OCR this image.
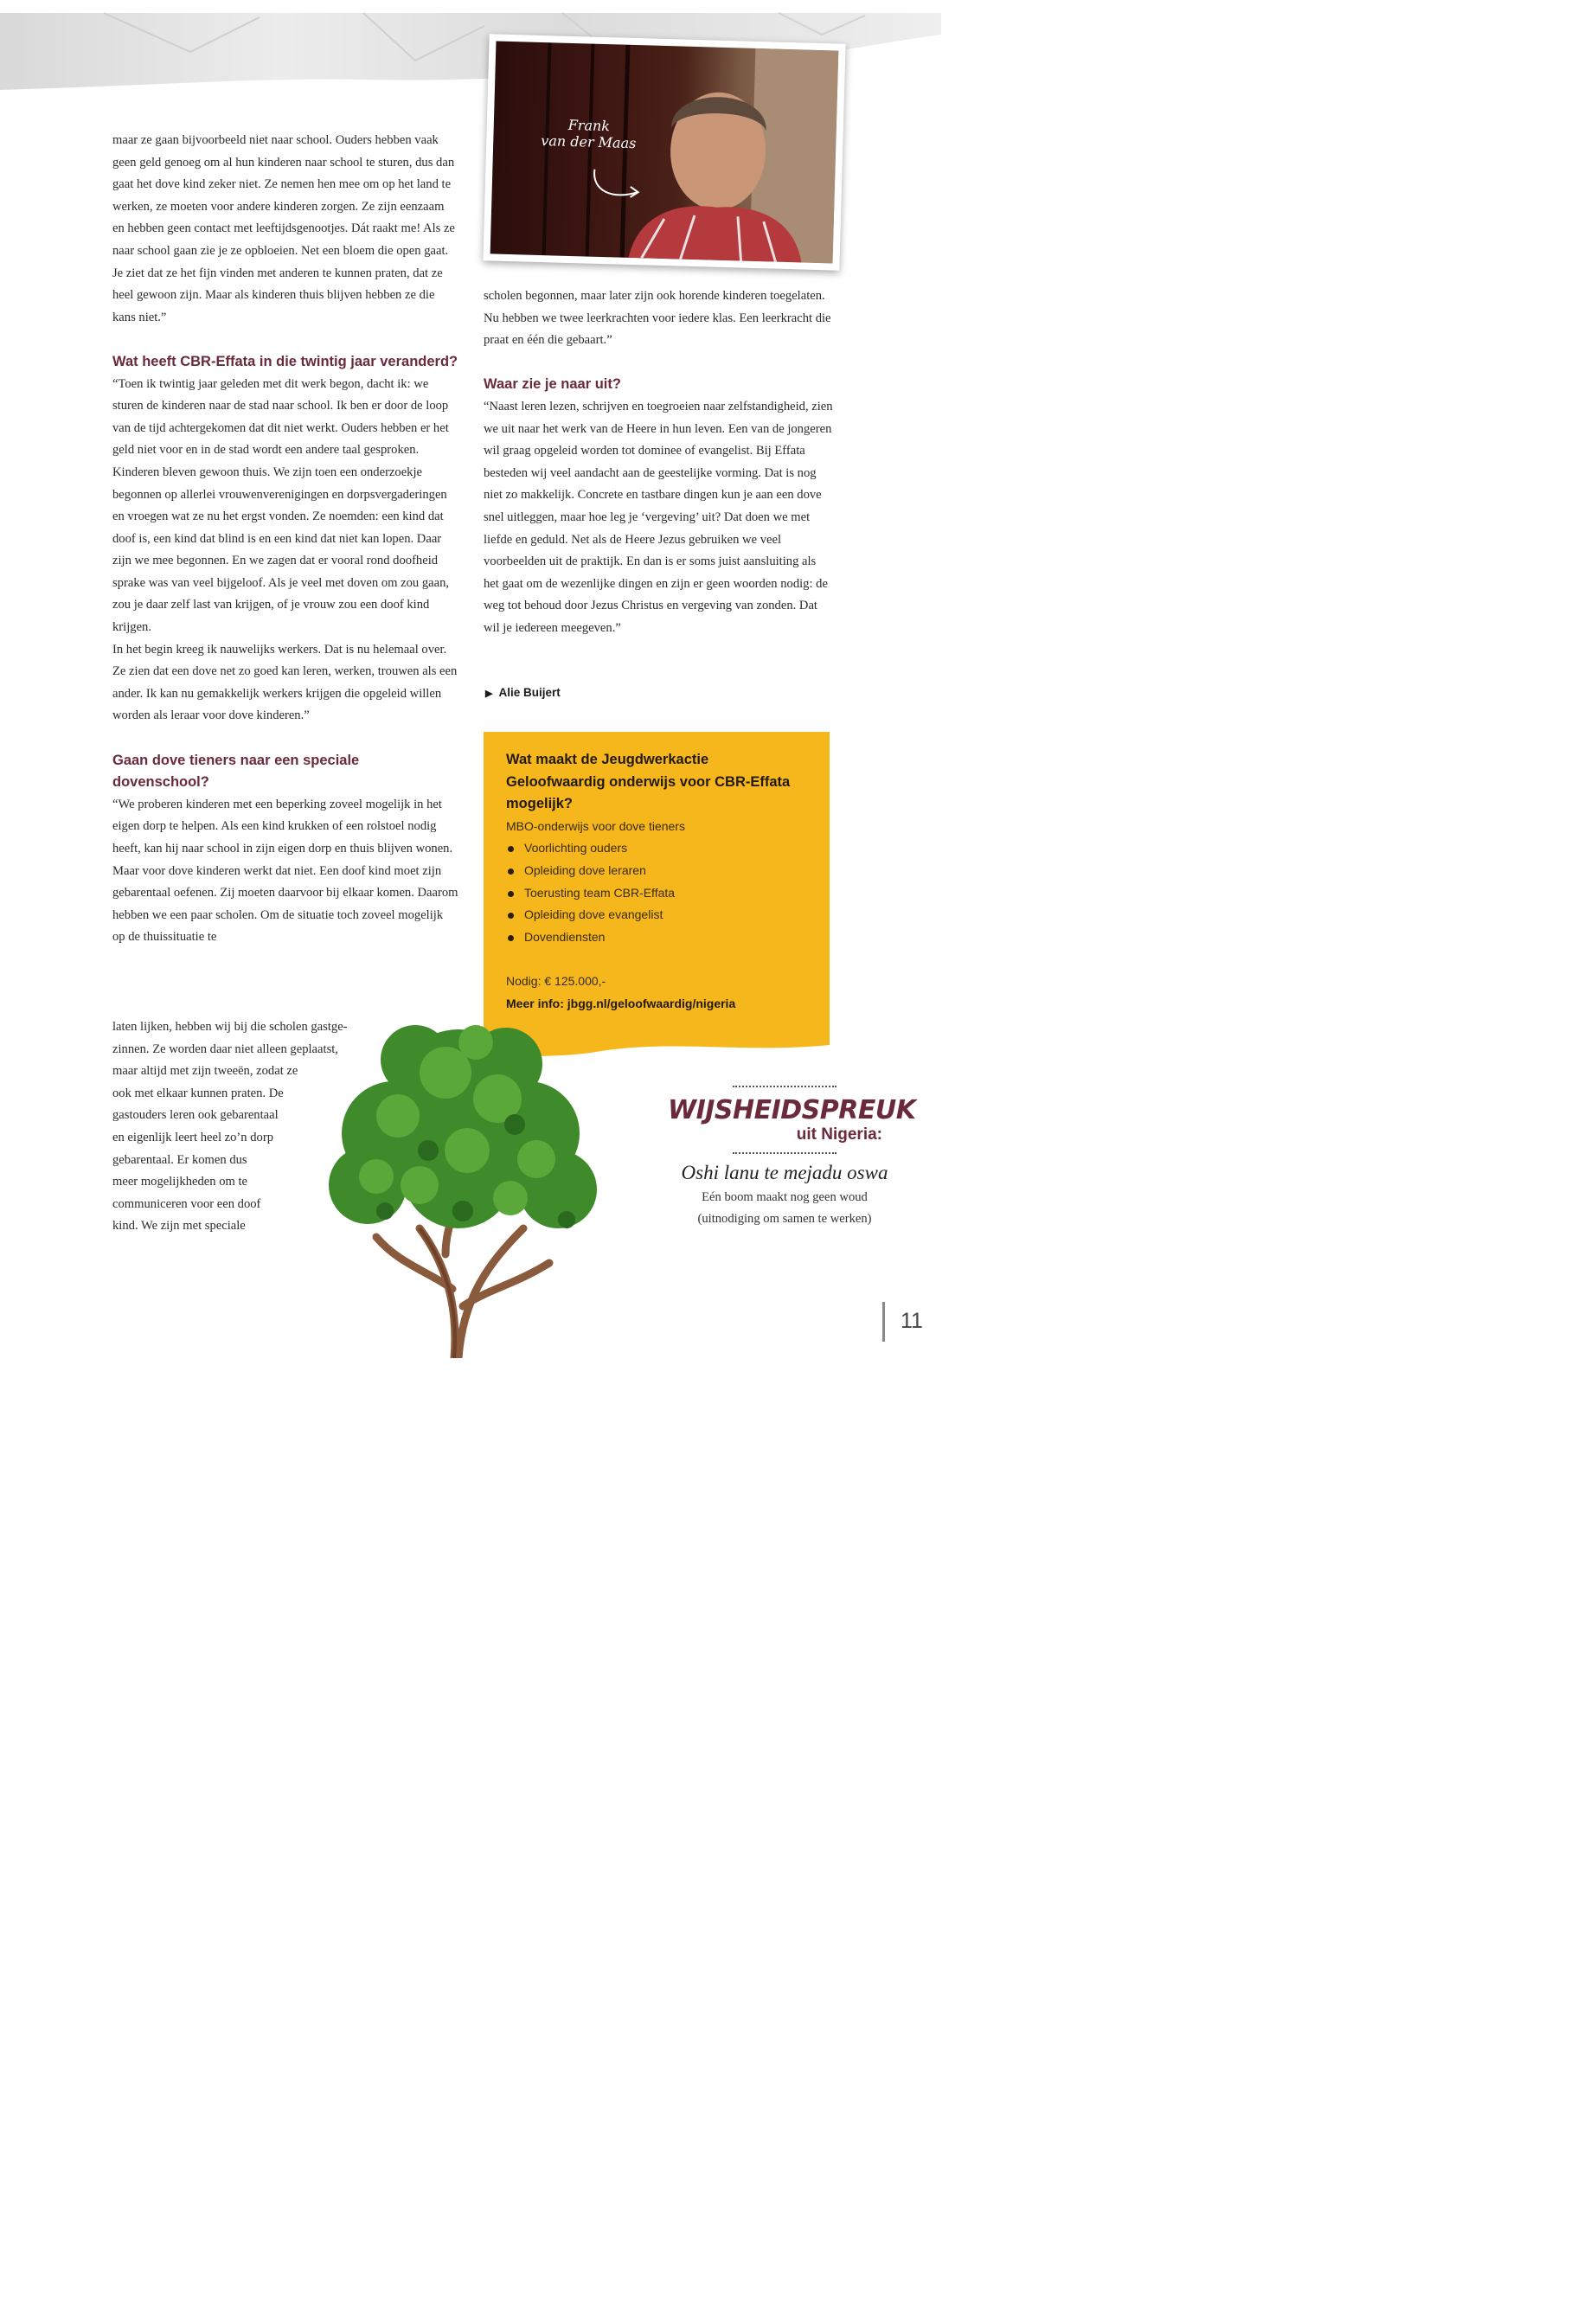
maar ze gaan bijvoorbeeld niet naar school. Ouders hebben vaak geen geld genoeg om al hun kinderen naar school te sturen, dus dan gaat het dove kind zeker niet. Ze nemen hen mee om op het land te werken, ze moeten voor andere kinderen zorgen. Ze zijn eenzaam en hebben geen contact met leeftijdsgenootjes. Dát raakt me! Als ze naar school gaan zie je ze opbloeien. Net een bloem die open gaat. Je ziet dat ze het fijn vinden met anderen te kunnen praten, dat ze heel gewoon zijn. Maar als kinderen thuis blijven hebben ze die kans niet.”

Wat heeft CBR-Effata in die twintig jaar veranderd?

“Toen ik twintig jaar geleden met dit werk begon, dacht ik: we sturen de kinderen naar de stad naar school. Ik ben er door de loop van de tijd achtergekomen dat dit niet werkt. Ouders hebben er het geld niet voor en in de stad wordt een andere taal gesproken. Kinderen bleven gewoon thuis. We zijn toen een onderzoekje begonnen op allerlei vrouwenverenigingen en dorpsvergaderingen en vroegen wat ze nu het ergst vonden. Ze noemden: een kind dat doof is, een kind dat blind is en een kind dat niet kan lopen. Daar zijn we mee begonnen. En we zagen dat er vooral rond doofheid sprake was van veel bijgeloof. Als je veel met doven om zou gaan, zou je daar zelf last van krijgen, of je vrouw zou een doof kind krijgen.

In het begin kreeg ik nauwelijks werkers. Dat is nu helemaal over. Ze zien dat een dove net zo goed kan leren, werken, trouwen als een ander. Ik kan nu gemakkelijk werkers krijgen die opgeleid willen worden als leraar voor dove kinderen.”

Gaan dove tieners naar een speciale dovenschool?

“We proberen kinderen met een beperking zoveel mogelijk in het eigen dorp te helpen. Als een kind krukken of een rolstoel nodig heeft, kan hij naar school in zijn eigen dorp en thuis blijven wonen. Maar voor dove kinderen werkt dat niet. Een doof kind moet zijn gebarentaal oefenen. Zij moeten daarvoor bij elkaar komen. Daarom hebben we een paar scholen. Om de situatie toch zoveel mogelijk op de thuissituatie te

laten lijken, hebben wij bij die scholen gastge-
zinnen. Ze worden daar niet alleen geplaatst,
maar altijd met zijn tweeën, zodat ze
ook met elkaar kunnen praten. De
gastouders leren ook gebarentaal
en eigenlijk leert heel zo’n dorp
gebarentaal. Er komen dus
meer mogelijkheden om te
communiceren voor een doof
kind. We zijn met speciale
Frank
van der Maas

scholen begonnen, maar later zijn ook horende kinderen toegelaten. Nu hebben we twee leerkrachten voor iedere klas. Een leerkracht die praat en één die gebaart.”

Waar zie je naar uit?

“Naast leren lezen, schrijven en toegroeien naar zelfstandigheid, zien we uit naar het werk van de Heere in hun leven. Een van de jongeren wil graag opgeleid worden tot dominee of evangelist. Bij Effata besteden wij veel aandacht aan de geestelijke vorming. Dat is nog niet zo makkelijk. Concrete en tastbare dingen kun je aan een dove snel uitleggen, maar hoe leg je ‘vergeving’ uit? Dat doen we met liefde en geduld. Net als de Heere Jezus gebruiken we veel voorbeelden uit de praktijk. En dan is er soms juist aansluiting als het gaat om de wezenlijke dingen en zijn er geen woorden nodig: de weg tot behoud door Jezus Christus en vergeving van zonden. Dat wil je iedereen meegeven.”

▶ Alie Buijert
Wat maakt de Jeugdwerkactie Geloofwaardig onderwijs voor CBR-Effata mogelijk?
MBO-onderwijs voor dove tieners
Voorlichting ouders
Opleiding dove leraren
Toerusting team CBR-Effata
Opleiding dove evangelist
Dovendiensten
Nodig: € 125.000,-
Meer info: jbgg.nl/geloofwaardig/nigeria
WIJSHEIDSPREUK
uit Nigeria:
Oshi lanu te mejadu oswa
Eén boom maakt nog geen woud
(uitnodiging om samen te werken)
11
